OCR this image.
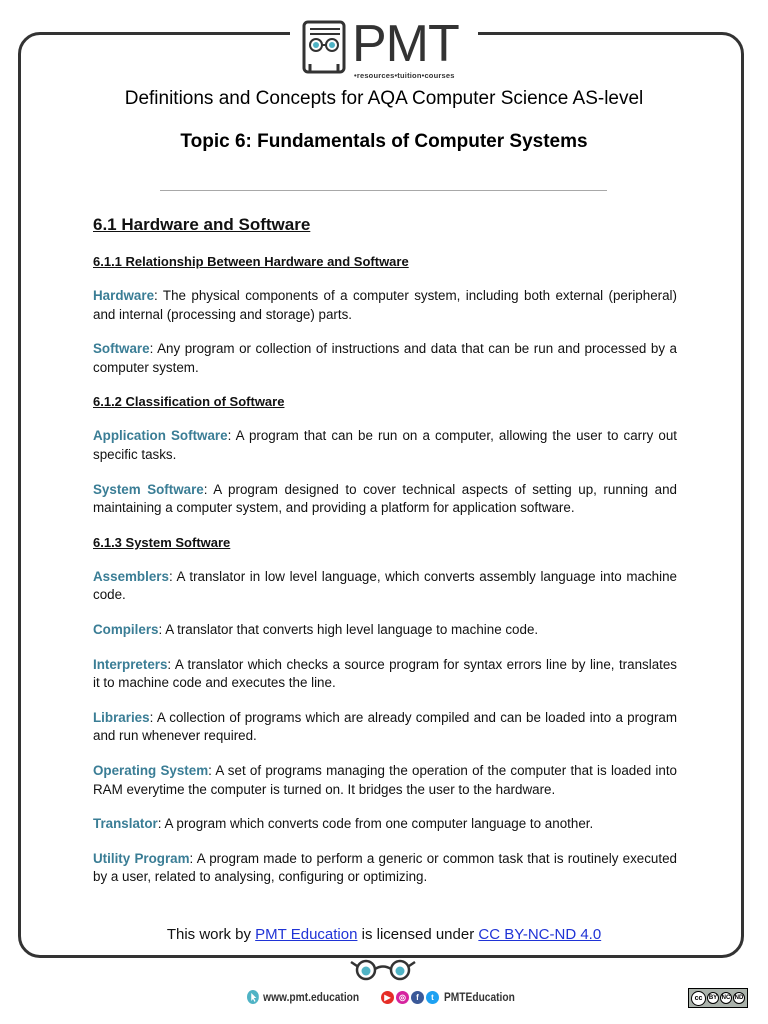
PMT
•resources•tuition•courses
Definitions and Concepts for AQA Computer Science AS-level
Topic 6: Fundamentals of Computer Systems
6.1 Hardware and Software
6.1.1 Relationship Between Hardware and Software

Hardware: The physical components of a computer system, including both external (peripheral) and internal (processing and storage) parts.

Software: Any program or collection of instructions and data that can be run and processed by a computer system.

6.1.2 Classification of Software

Application Software: A program that can be run on a computer, allowing the user to carry out specific tasks.

System Software: A program designed to cover technical aspects of setting up, running and maintaining a computer system, and providing a platform for application software.

6.1.3 System Software

Assemblers: A translator in low level language, which converts assembly language into machine code.

Compilers: A translator that converts high level language to machine code.

Interpreters: A translator which checks a source program for syntax errors line by line, translates it to machine code and executes the line.

Libraries: A collection of programs which are already compiled and can be loaded into a program and run whenever required.

Operating System: A set of programs managing the operation of the computer that is loaded into RAM everytime the computer is turned on. It bridges the user to the hardware.

Translator: A program which converts code from one computer language to another.

Utility Program: A program made to perform a generic or common task that is routinely executed by a user, related to analysing, configuring or optimizing.

This work by PMT Education is licensed under CC BY-NC-ND 4.0
www.pmt.education	▶	◎	f	t PMTEducation	cc	BY NC ND
